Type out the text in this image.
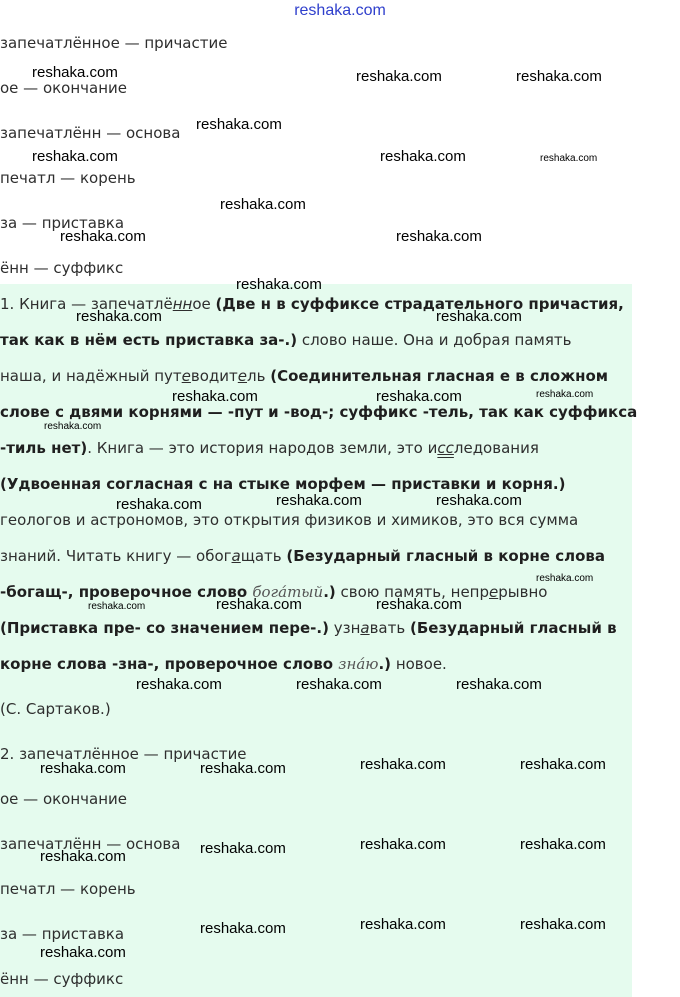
reshaka.com
запечатлённое — причастие
ое — окончание
запечатлённ — основа
печатл — корень
за — приставка
ённ — суффикс
1. Книга — запечатлённое (Две н в суффиксе страдательного причастия,
так как в нём есть приставка за-.) слово наше. Она и добрая память
наша, и надёжный путеводитель (Соединительная гласная е в сложном
слове с двями корнями — -пут и -вод-; суффикс -тель, так как суффикса
-тиль нет). Книга — это история народов земли, это исследования
(Удвоенная согласная с на стыке морфем — приставки и корня.)
геологов и астрономов, это открытия физиков и химиков, это вся сумма
знаний. Читать книгу — обогащать (Безударный гласный в корне слова
-богащ-, проверочное слово бога́тый.) свою память, непрерывно
(Приставка пре- со значением пере-.) узнавать (Безударный гласный в
корне слова -зна-, проверочное слово зна́ю.) новое.
(С. Сартаков.)
2. запечатлённое — причастие
ое — окончание
запечатлённ — основа
печатл — корень
за — приставка
ённ — суффикс
reshaka.com	reshaka.com	reshaka.com
reshaka.com
reshaka.com	reshaka.com	reshaka.com
reshaka.com
reshaka.com	reshaka.com
reshaka.com
reshaka.com	reshaka.com
reshaka.com	reshaka.com	reshaka.com
reshaka.com
reshaka.com	reshaka.com
reshaka.com
reshaka.com
reshaka.com	reshaka.com	reshaka.com
reshaka.com	reshaka.com	reshaka.com
reshaka.com	reshaka.com
reshaka.com	reshaka.com
reshaka.com	reshaka.com	reshaka.com
reshaka.com
reshaka.com	reshaka.com	reshaka.com
reshaka.com
